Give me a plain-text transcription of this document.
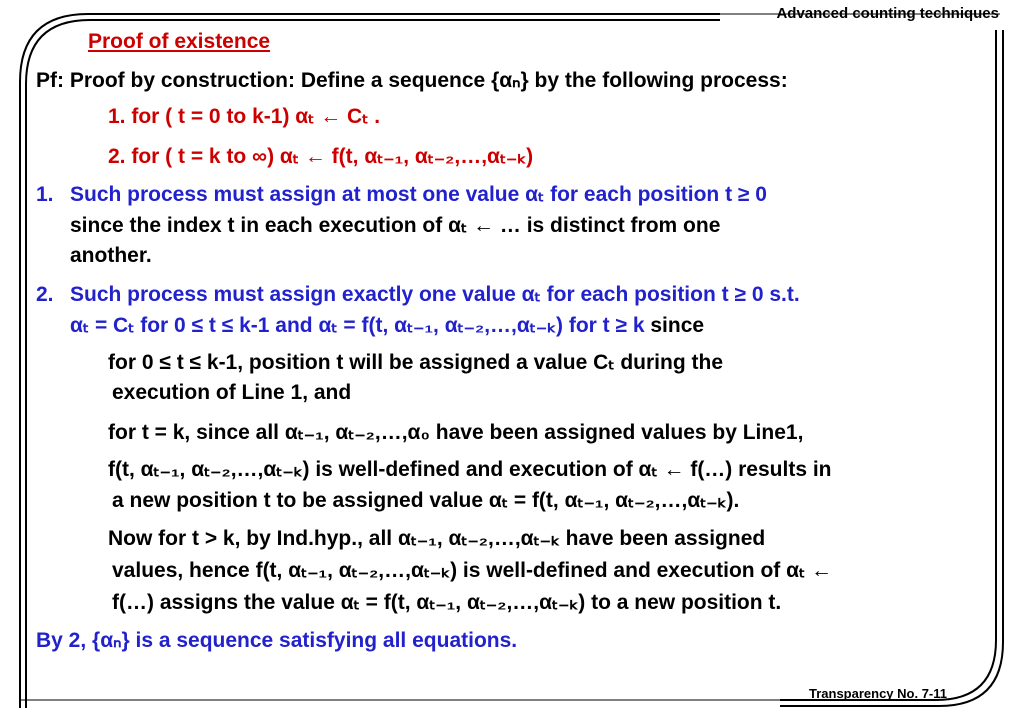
Advanced counting techniques
Transparency No. 7-11
Proof of existence
Pf: Proof by construction: Define a sequence {αₙ} by the following process:
1. for ( t = 0 to k-1) αₜ ← Cₜ .
2. for ( t = k to ∞) αₜ ← f(t, αₜ₋₁, αₜ₋₂,…,αₜ₋ₖ)
1. Such process must assign at most one value αₜ for each position t ≥ 0
since the index t in each execution of αₜ ← … is distinct from one
another.
2. Such process must assign exactly one value αₜ for each position t ≥ 0 s.t.
αₜ = Cₜ for 0 ≤ t ≤ k-1 and αₜ = f(t, αₜ₋₁, αₜ₋₂,…,αₜ₋ₖ) for t ≥ k since
for 0 ≤ t ≤ k-1, position t will be assigned a value Cₜ during the
execution of Line 1, and
for t = k, since all αₜ₋₁, αₜ₋₂,…,α₀ have been assigned values by Line1,
f(t, αₜ₋₁, αₜ₋₂,…,αₜ₋ₖ) is well-defined and execution of αₜ ← f(…) results in
a new position t to be assigned value αₜ = f(t, αₜ₋₁, αₜ₋₂,…,αₜ₋ₖ).
Now for t > k, by Ind.hyp., all αₜ₋₁, αₜ₋₂,…,αₜ₋ₖ have been assigned
values, hence f(t, αₜ₋₁, αₜ₋₂,…,αₜ₋ₖ) is well-defined and execution of αₜ ←
f(…) assigns the value αₜ = f(t, αₜ₋₁, αₜ₋₂,…,αₜ₋ₖ) to a new position t.
By 2, {αₙ} is a sequence satisfying all equations.
